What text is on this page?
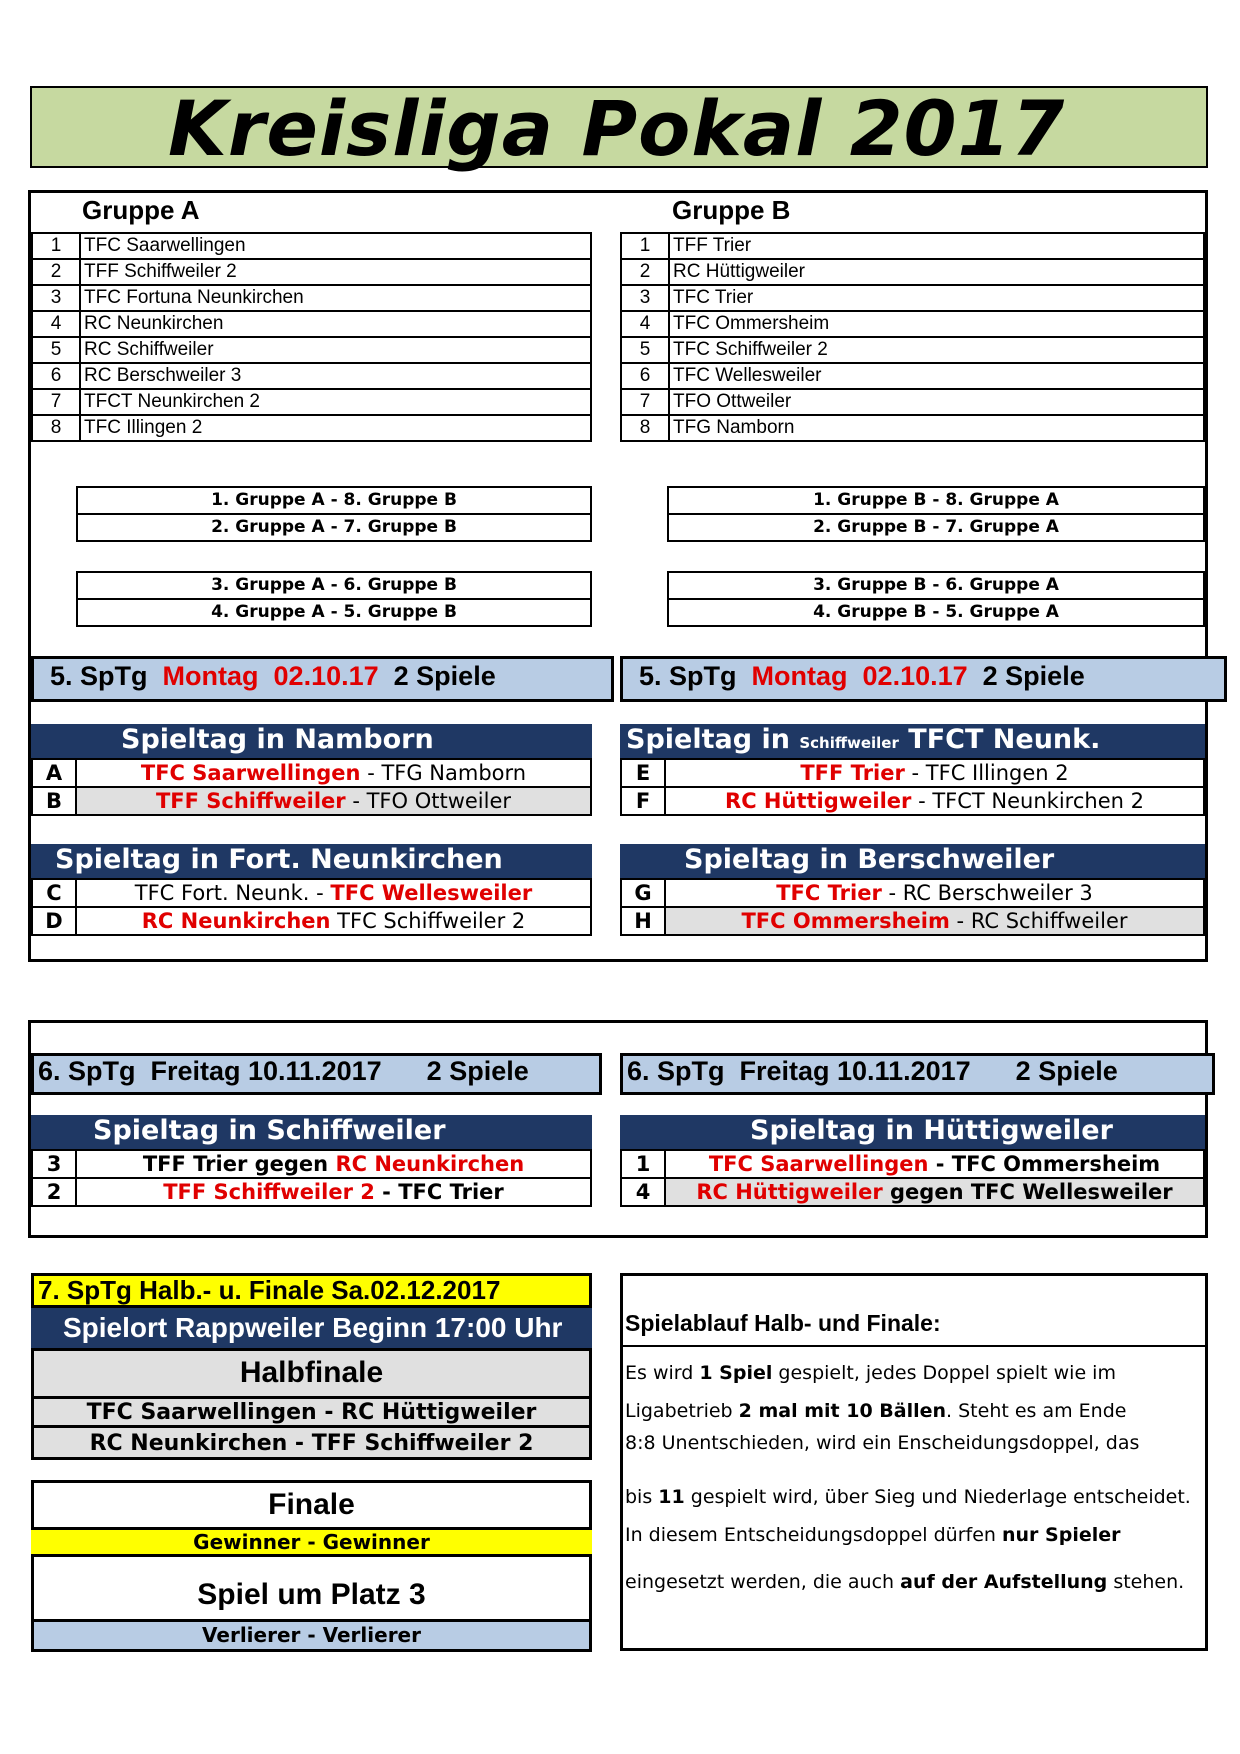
Kreisliga Pokal 2017
Gruppe A
1	TFC Saarwellingen
2	TFF Schiffweiler 2
3	TFC Fortuna Neunkirchen
4	RC Neunkirchen
5	RC Schiffweiler
6	RC Berschweiler 3
7	TFCT Neunkirchen 2
8	TFC Illingen 2
Gruppe B
1	TFF Trier
2	RC Hüttigweiler
3	TFC Trier
4	TFC Ommersheim
5	TFC Schiffweiler 2
6	TFC Wellesweiler
7	TFO Ottweiler
8	TFG Namborn
1. Gruppe A - 8. Gruppe B
2. Gruppe A - 7. Gruppe B
1. Gruppe B - 8. Gruppe A
2. Gruppe B - 7. Gruppe A
3. Gruppe A - 6. Gruppe B
4. Gruppe A - 5. Gruppe B
3. Gruppe B - 6. Gruppe A
4. Gruppe B - 5. Gruppe A
5. SpTg Montag 02.10.17 2 Spiele	5. SpTg Montag 02.10.17 2 Spiele
Spieltag in Namborn
A	TFC Saarwellingen - TFG Namborn
B	TFF Schiffweiler - TFO Ottweiler
Spieltag in Schiffweiler TFCT Neunk.
E	TFF Trier - TFC Illingen 2
F	RC Hüttigweiler - TFCT Neunkirchen 2
Spieltag in Fort. Neunkirchen
C	TFC Fort. Neunk. - TFC Wellesweiler
D	RC Neunkirchen TFC Schiffweiler 2
Spieltag in Berschweiler
G	TFC Trier - RC Berschweiler 3
H	TFC Ommersheim - RC Schiffweiler
6. SpTg  Freitag 10.11.2017      2 Spiele	6. SpTg  Freitag 10.11.2017      2 Spiele
Spieltag in Schiffweiler
3	TFF Trier gegen RC Neunkirchen
2	TFF Schiffweiler 2 - TFC Trier
Spieltag in Hüttigweiler
1	TFC Saarwellingen - TFC Ommersheim
4	RC Hüttigweiler gegen TFC Wellesweiler
7. SpTg Halb.- u. Finale Sa.02.12.2017
Spielort Rappweiler Beginn 17:00 Uhr
Halbfinale
TFC Saarwellingen - RC Hüttigweiler
RC Neunkirchen - TFF Schiffweiler 2
Finale
Gewinner - Gewinner
Spiel um Platz 3
Verlierer - Verlierer
Spielablauf Halb- und Finale:
Es wird 1 Spiel gespielt, jedes Doppel spielt wie im
Ligabetrieb 2 mal mit 10 Bällen. Steht es am Ende
8:8 Unentschieden, wird ein Enscheidungsdoppel, das
bis 11 gespielt wird, über Sieg und Niederlage entscheidet.
In diesem Entscheidungsdoppel dürfen nur Spieler
eingesetzt werden, die auch auf der Aufstellung stehen.
